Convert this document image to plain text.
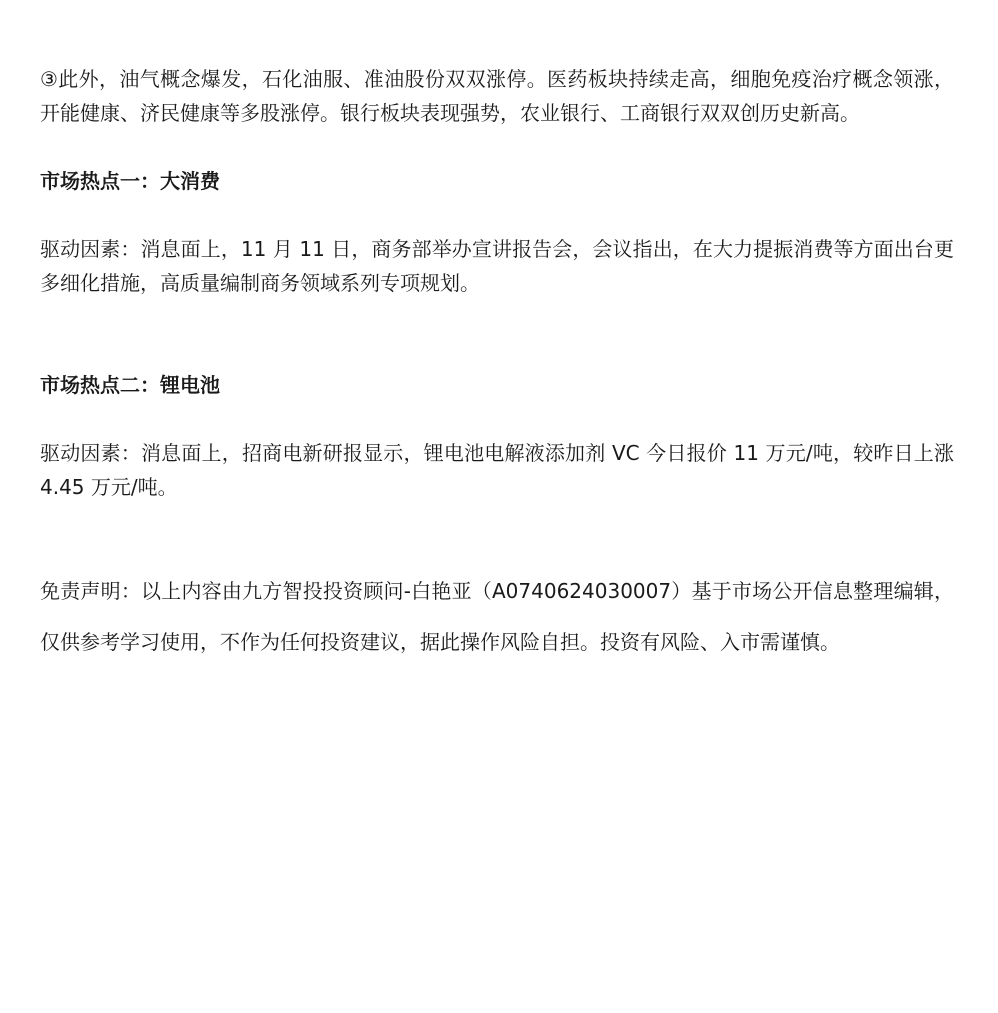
③此外，油气概念爆发，石化油服、准油股份双双涨停。医药板块持续走高，细胞免疫治疗概念领涨，开能健康、济民健康等多股涨停。银行板块表现强势，农业银行、工商银行双双创历史新高。

市场热点一：大消费

驱动因素：消息面上，11 月 11 日，商务部举办宣讲报告会，会议指出，在大力提振消费等方面出台更多细化措施，高质量编制商务领域系列专项规划。

市场热点二：锂电池

驱动因素：消息面上，招商电新研报显示，锂电池电解液添加剂 VC 今日报价 11 万元/吨，较昨日上涨 4.45 万元/吨。

免责声明：以上内容由九方智投投资顾问-白艳亚（A0740624030007）基于市场公开信息整理编辑，仅供参考学习使用，不作为任何投资建议，据此操作风险自担。投资有风险、入市需谨慎。
